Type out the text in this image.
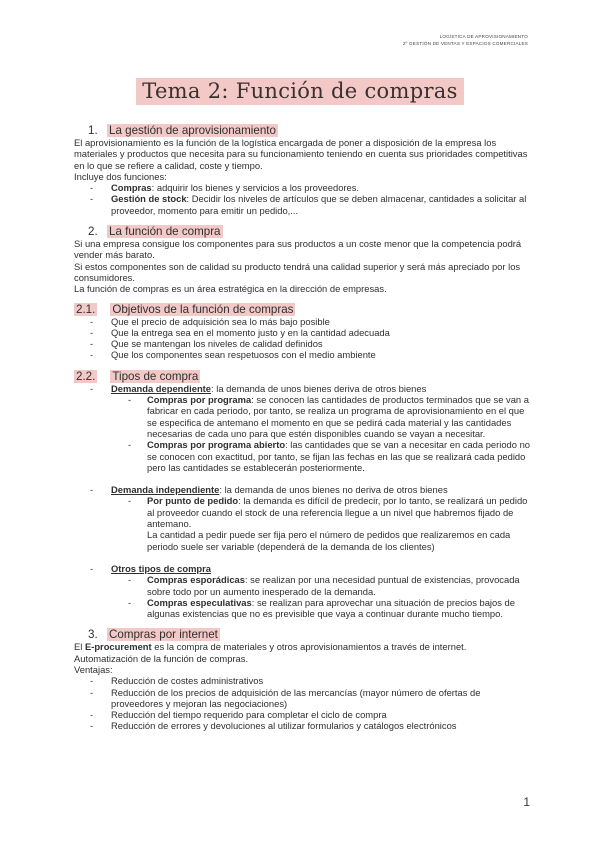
LOGÍSTICA DE APROVISIONAMIENTO
2º GESTIÓN DE VENTAS Y ESPACIOS COMERCIALES
Tema 2: Función de compras
1. La gestión de aprovisionamiento

El aprovisionamiento es la función de la logística encargada de poner a disposición de la empresa los materiales y productos que necesita para su funcionamiento teniendo en cuenta sus prioridades competitivas en lo que se refiere a calidad, coste y tiempo.

Incluye dos funciones:

- Compras: adquirir los bienes y servicios a los proveedores.
- Gestión de stock: Decidir los niveles de artículos que se deben almacenar, cantidades a solicitar al proveedor, momento para emitir un pedido,...
2. La función de compra

Si una empresa consigue los componentes para sus productos a un coste menor que la competencia podrá vender más barato.

Si estos componentes son de calidad su producto tendrá una calidad superior y será más apreciado por los consumidores.

La función de compras es un área estratégica en la dirección de empresas.

2.1. Objetivos de la función de compras
- Que el precio de adquisición sea lo más bajo posible
- Que la entrega sea en el momento justo y en la cantidad adecuada
- Que se mantengan los niveles de calidad definidos
- Que los componentes sean respetuosos con el medio ambiente
2.2. Tipos de compra
- Demanda dependiente: la demanda de unos bienes deriva de otros bienes
- Compras por programa: se conocen las cantidades de productos terminados que se van a fabricar en cada periodo, por tanto, se realiza un programa de aprovisionamiento en el que se especifica de antemano el momento en que se pedirá cada material y las cantidades necesarias de cada uno para que estén disponibles cuando se vayan a necesitar.
- Compras por programa abierto: las cantidades que se van a necesitar en cada periodo no se conocen con exactitud, por tanto, se fijan las fechas en las que se realizará cada pedido pero las cantidades se establecerán posteriormente.
- Demanda independiente: la demanda de unos bienes no deriva de otros bienes
- Por punto de pedido: la demanda es difícil de predecir, por lo tanto, se realizará un pedido al proveedor cuando el stock de una referencia llegue a un nivel que habremos fijado de antemano.
La cantidad a pedir puede ser fija pero el número de pedidos que realizaremos en cada periodo suele ser variable (dependerá de la demanda de los clientes)
- Otros tipos de compra
- Compras esporádicas: se realizan por una necesidad puntual de existencias, provocada sobre todo por un aumento inesperado de la demanda.
- Compras especulativas: se realizan para aprovechar una situación de precios bajos de algunas existencias que no es previsible que vaya a continuar durante mucho tiempo.
3. Compras por internet

El E-procurement es la compra de materiales y otros aprovisionamientos a través de internet.

Automatización de la función de compras.

Ventajas:

- Reducción de costes administrativos
- Reducción de los precios de adquisición de las mercancías (mayor número de ofertas de proveedores y mejoran las negociaciones)
- Reducción del tiempo requerido para completar el ciclo de compra
- Reducción de errores y devoluciones al utilizar formularios y catálogos electrónicos
1
